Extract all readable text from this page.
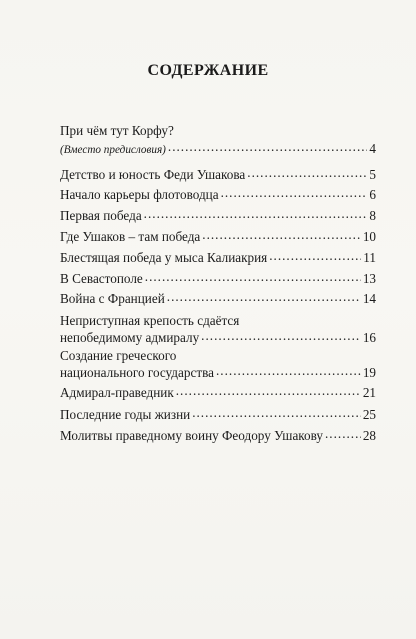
СОДЕРЖАНИЕ
При чём тут Корфу?
(Вместо предисловия) .....	4
Детство и юность Феди Ушакова .....	5
Начало карьеры флотоводца .....	6
Первая победа .....	8
Где Ушаков – там победа .....	10
Блестящая победа у мыса Калиакрия .....	11
В Севастополе .....	13
Война с Францией .....	14
Неприступная крепость сдаётся
непобедимому адмиралу .....	16
Создание греческого
национального государства .....	19
Адмирал-праведник .....	21
Последние годы жизни .....	25
Молитвы праведному воину Феодору Ушакову .....	28
